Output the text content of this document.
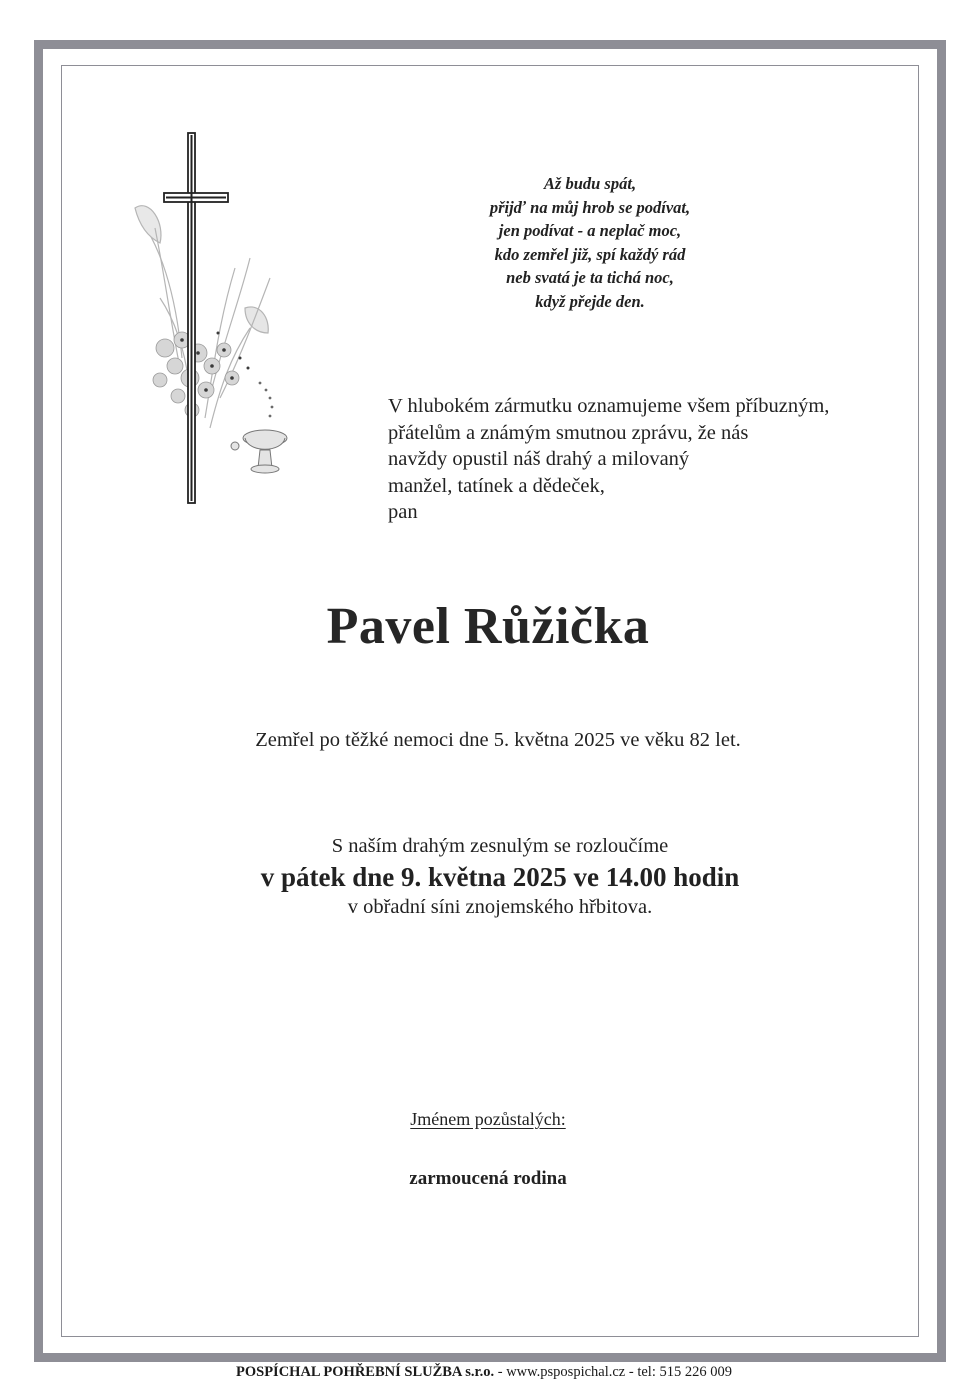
Až budu spát,
přijď na můj hrob se podívat,
jen podívat - a neplač moc,
kdo zemřel již, spí každý rád
neb svatá je ta tichá noc,
když přejde den.
V hlubokém zármutku oznamujeme všem příbuzným,
přátelům a známým smutnou zprávu, že nás
navždy opustil náš drahý a milovaný
manžel, tatínek a dědeček,
pan
Pavel Růžička
Zemřel po těžké nemoci dne 5. května 2025 ve věku 82 let.
S naším drahým zesnulým se rozloučíme
v pátek dne 9. května 2025 ve 14.00 hodin
v obřadní síni znojemského hřbitova.
Jménem pozůstalých:
zarmoucená rodina
POSPÍCHAL POHŘEBNÍ SLUŽBA s.r.o. - www.psposp​ichal.cz - tel: 515 226 009
